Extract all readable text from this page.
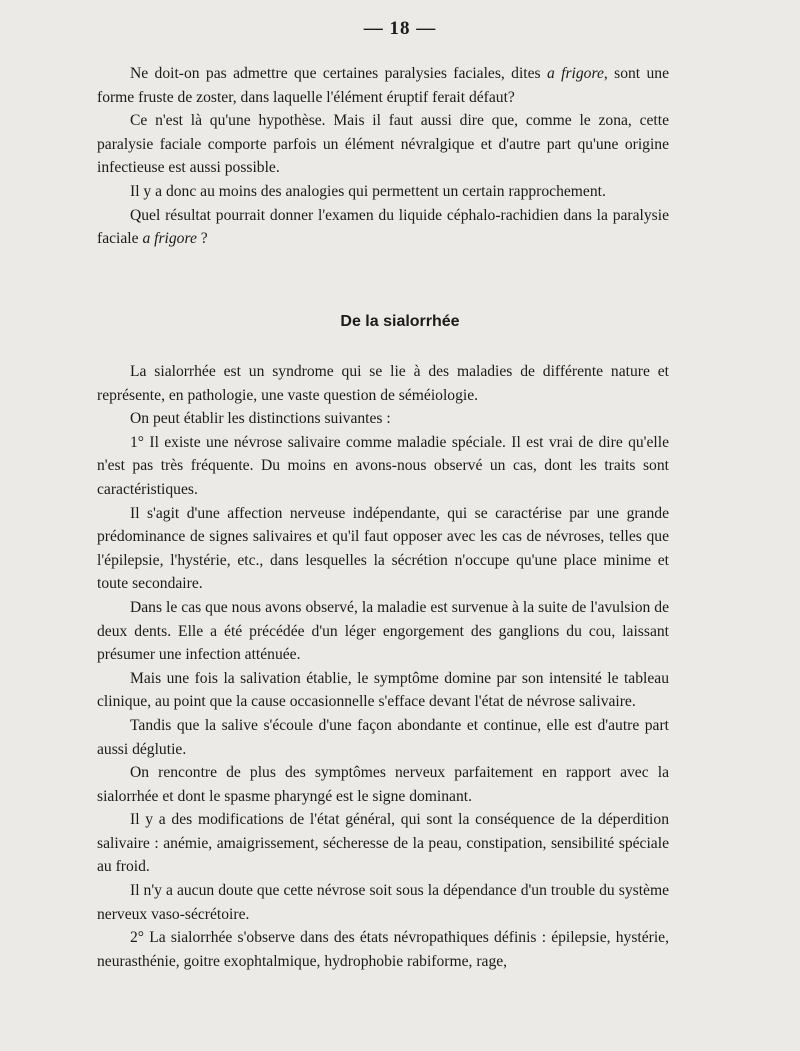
— 18 —

Ne doit-on pas admettre que certaines paralysies faciales, dites a frigore, sont une forme fruste de zoster, dans laquelle l'élément éruptif ferait défaut?

Ce n'est là qu'une hypothèse. Mais il faut aussi dire que, comme le zona, cette paralysie faciale comporte parfois un élément névralgique et d'autre part qu'une origine infectieuse est aussi possible.

Il y a donc au moins des analogies qui permettent un certain rapprochement.

Quel résultat pourrait donner l'examen du liquide céphalo-rachidien dans la paralysie faciale a frigore ?

De la sialorrhée

La sialorrhée est un syndrome qui se lie à des maladies de différente nature et représente, en pathologie, une vaste question de séméiologie.

On peut établir les distinctions suivantes :

1° Il existe une névrose salivaire comme maladie spéciale. Il est vrai de dire qu'elle n'est pas très fréquente. Du moins en avons-nous observé un cas, dont les traits sont caractéristiques.

Il s'agit d'une affection nerveuse indépendante, qui se caractérise par une grande prédominance de signes salivaires et qu'il faut opposer avec les cas de névroses, telles que l'épilepsie, l'hystérie, etc., dans lesquelles la sécrétion n'occupe qu'une place minime et toute secondaire.

Dans le cas que nous avons observé, la maladie est survenue à la suite de l'avulsion de deux dents. Elle a été précédée d'un léger engorgement des ganglions du cou, laissant présumer une infection atténuée.

Mais une fois la salivation établie, le symptôme domine par son intensité le tableau clinique, au point que la cause occasionnelle s'efface devant l'état de névrose salivaire.

Tandis que la salive s'écoule d'une façon abondante et continue, elle est d'autre part aussi déglutie.

On rencontre de plus des symptômes nerveux parfaitement en rapport avec la sialorrhée et dont le spasme pharyngé est le signe dominant.

Il y a des modifications de l'état général, qui sont la conséquence de la déperdition salivaire : anémie, amaigrissement, sécheresse de la peau, constipation, sensibilité spéciale au froid.

Il n'y a aucun doute que cette névrose soit sous la dépendance d'un trouble du système nerveux vaso-sécrétoire.

2° La sialorrhée s'observe dans des états névropathiques définis : épilepsie, hystérie, neurasthénie, goitre exophtalmique, hydrophobie rabiforme, rage,
